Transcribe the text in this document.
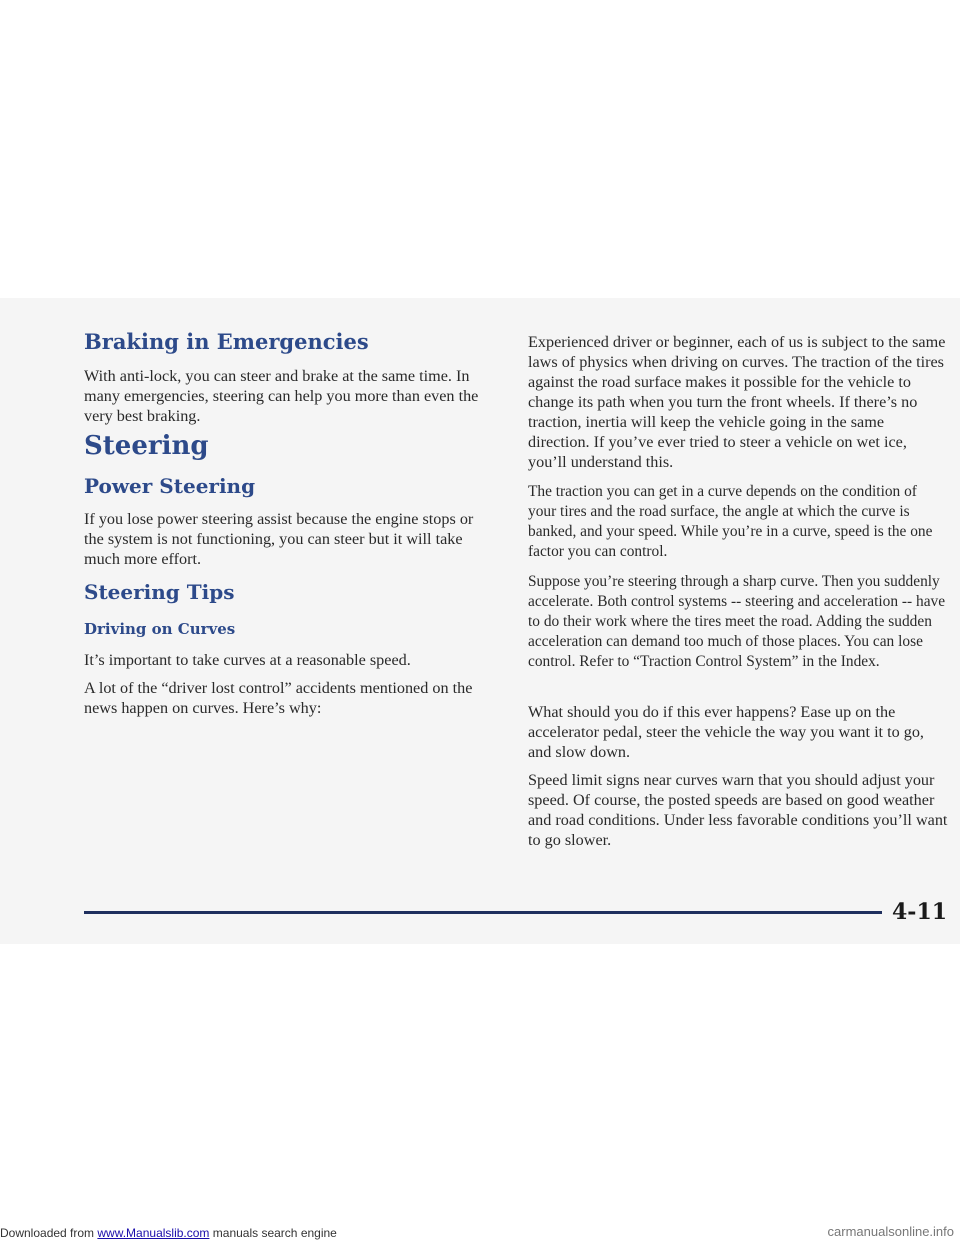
Braking in Emergencies

With anti-lock, you can steer and brake at the same time. In many emergencies, steering can help you more than even the very best braking.

Steering
Power Steering

If you lose power steering assist because the engine stops or the system is not functioning, you can steer but it will take much more effort.

Steering Tips
Driving on Curves

It’s important to take curves at a reasonable speed.

A lot of the “driver lost control” accidents mentioned on the news happen on curves. Here’s why:

Experienced driver or beginner, each of us is subject to the same laws of physics when driving on curves. The traction of the tires against the road surface makes it possible for the vehicle to change its path when you turn the front wheels. If there’s no traction, inertia will keep the vehicle going in the same direction. If you’ve ever tried to steer a vehicle on wet ice, you’ll understand this.

The traction you can get in a curve depends on the condition of your tires and the road surface, the angle at which the curve is banked, and your speed. While you’re in a curve, speed is the one factor you can control.

Suppose you’re steering through a sharp curve. Then you suddenly accelerate. Both control systems -- steering and acceleration -- have to do their work where the tires meet the road. Adding the sudden acceleration can demand too much of those places. You can lose control. Refer to “Traction Control System” in the Index.

What should you do if this ever happens? Ease up on the accelerator pedal, steer the vehicle the way you want it to go, and slow down.

Speed limit signs near curves warn that you should adjust your speed. Of course, the posted speeds are based on good weather and road conditions. Under less favorable conditions you’ll want to go slower.

4-11
Downloaded from www.Manualslib.com manuals search engine	carmanualsonline.info
